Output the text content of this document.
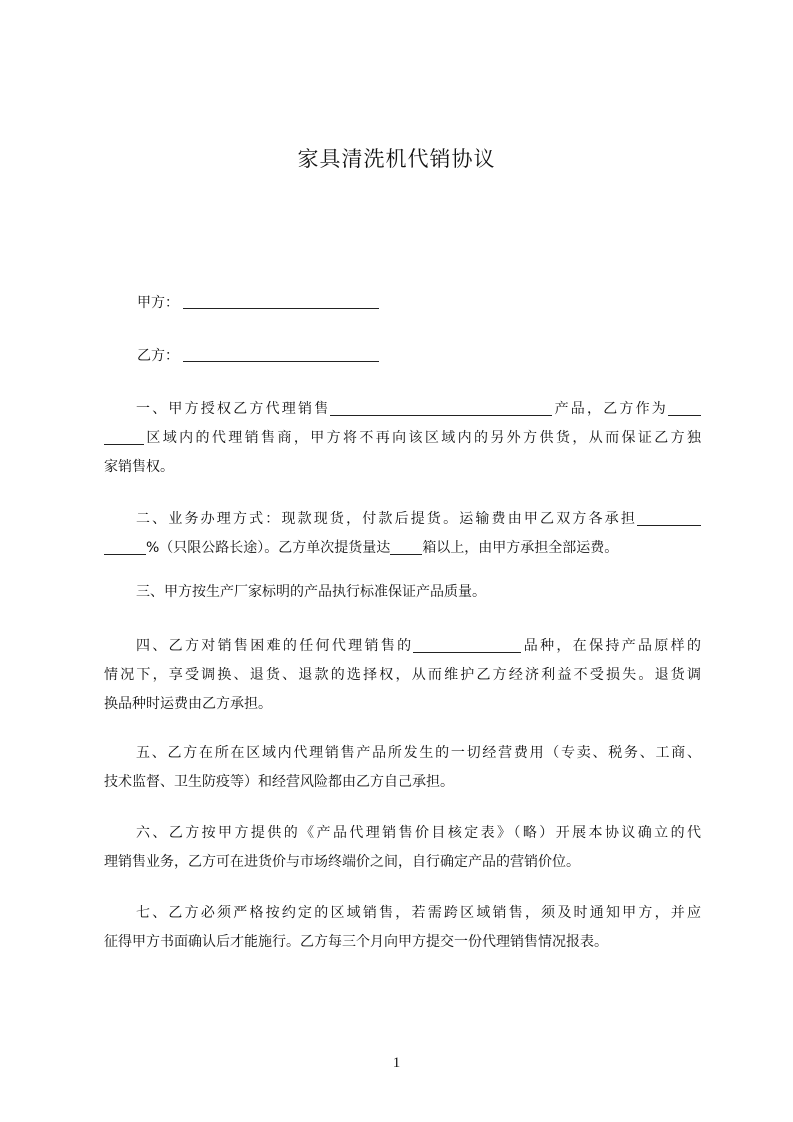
家具清洗机代销协议
甲方：
乙方：
一、甲方授权乙方代理销售	产品，乙方作为
区域内的代理销售商，甲方将不再向该区域内的另外方供货，从而保证乙方独
家销售权。
二、业务办理方式：现款现货，付款后提货。运输费由甲乙双方各承担
%（只限公路长途）。乙方单次提货量达 箱以上，由甲方承担全部运费。
三、甲方按生产厂家标明的产品执行标准保证产品质量。
四、乙方对销售困难的任何代理销售的	品种，在保持产品原样的
情况下，享受调换、退货、退款的选择权，从而维护乙方经济利益不受损失。退货调
换品种时运费由乙方承担。
五、乙方在所在区域内代理销售产品所发生的一切经营费用（专卖、税务、工商、
技术监督、卫生防疫等）和经营风险都由乙方自己承担。
六、乙方按甲方提供的《产品代理销售价目核定表》（略）开展本协议确立的代
理销售业务，乙方可在进货价与市场终端价之间，自行确定产品的营销价位。
七、乙方必须严格按约定的区域销售，若需跨区域销售，须及时通知甲方，并应
征得甲方书面确认后才能施行。乙方每三个月向甲方提交一份代理销售情况报表。
1
